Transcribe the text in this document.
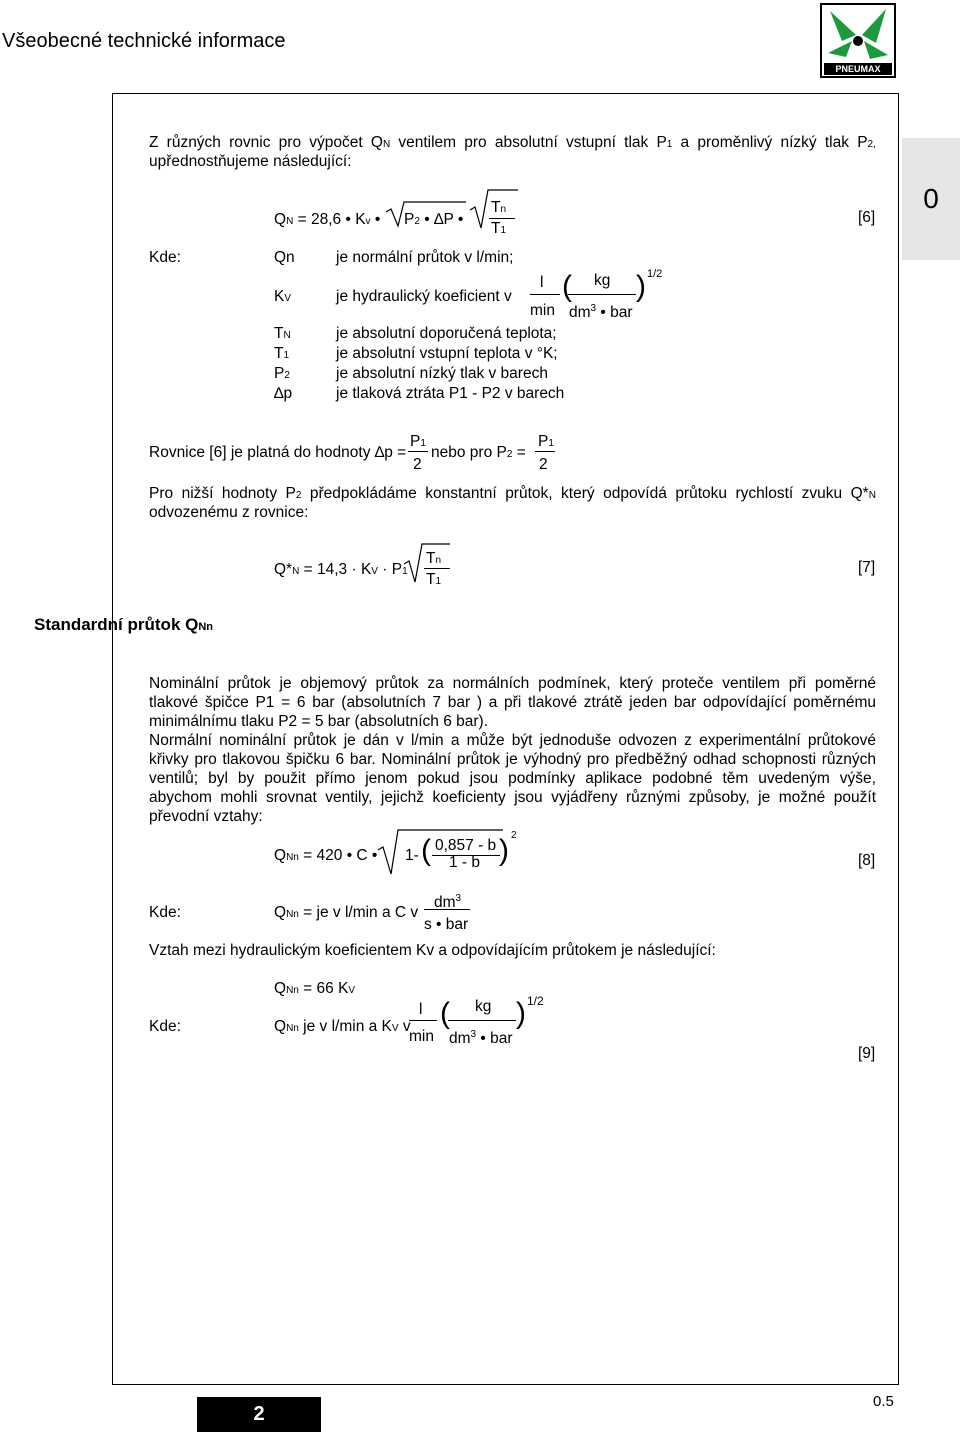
Všeobecné technické informace
PNEUMAX
0
Z různých rovnic pro výpočet QN ventilem pro absolutní vstupní tlak P1 a proměnlivý nízký tlak P2,
upřednostňujeme následující:
QN = 28,6 • Kv • P2 • ∆P •
Tn
T1
[6]
Kde:	Qn	je normální průtok v l/min;
KV	je hydraulický koeficient v
l
min
( kg
$dm^3$ • bar
) 1/2
TN	je absolutní doporučená teplota;
T1	je absolutní vstupní teplota v °K;
P2	je absolutní nízký tlak v barech
∆p	je tlaková ztráta P1 - P2 v barech
Rovnice [6] je platná do hodnoty ∆p =
P1
2
nebo pro P2 =
P1
2
Pro nižší hodnoty P2 předpokládáme konstantní průtok, který odpovídá průtoku rychlostí zvuku Q*N
odvozenému z rovnice:
Q*N = 14,3 · KV · P1
Tn
T1
[7]
Standardní průtok QNn
Nominální průtok je objemový průtok za normálních podmínek, který proteče ventilem při poměrné
tlakové špičce P1 = 6 bar (absolutních 7 bar ) a při tlakové ztrátě jeden bar odpovídající poměrnému
minimálnímu tlaku P2 = 5 bar (absolutních 6 bar).
Normální nominální průtok je dán v l/min a může být jednoduše odvozen z experimentální průtokové
křivky pro tlakovou špičku 6 bar. Nominální průtok je výhodný pro předběžný odhad schopnosti různých
ventilů; byl by použit přímo jenom pokud jsou podmínky aplikace podobné těm uvedeným výše,
abychom mohli srovnat ventily, jejichž koeficienty jsou vyjádřeny různými způsoby, je možné použít
převodní vztahy:
QNn = 420 • C • 1- ( 0,857 - b
1 - b ) 2
[8]
Kde:	QNn = je v l/min a C v
$dm^3$
s • bar
Vztah mezi hydraulickým koeficientem Kv a odpovídajícím průtokem je následující:
QNn = 66 KV
Kde:	QNn je v l/min a KV v
l
min
( kg
$dm^3$ • bar
) 1/2
[9]
2
0.5
